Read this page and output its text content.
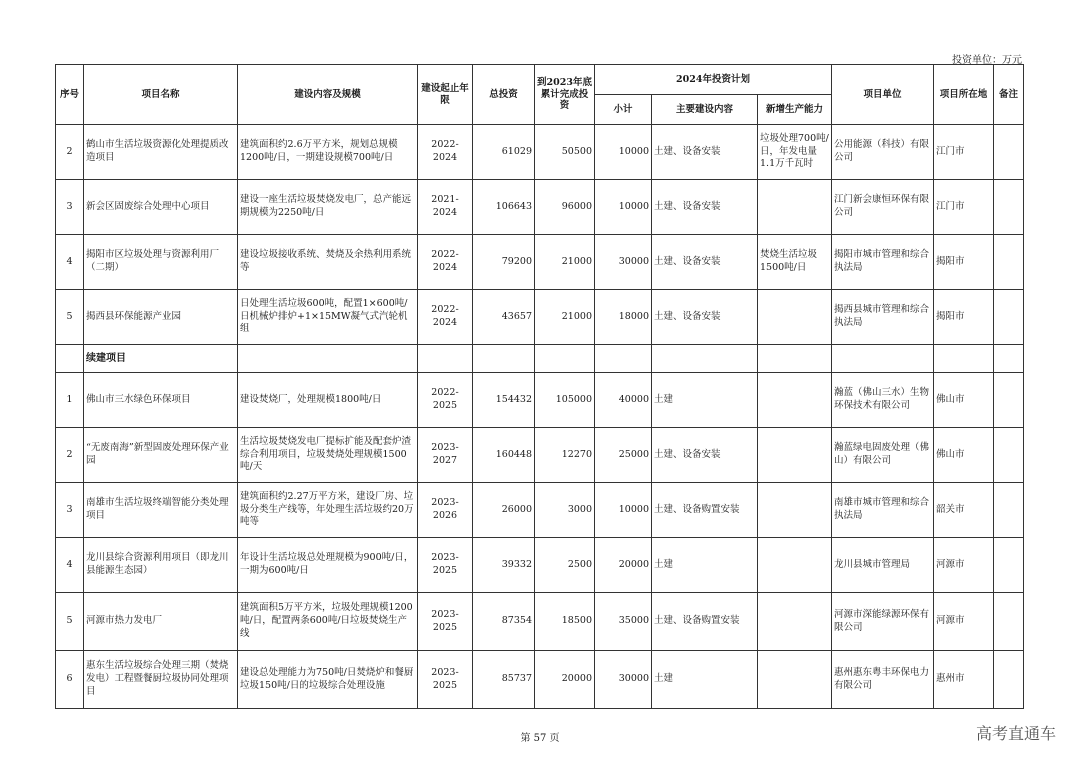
投资单位：万元
序号	项目名称	建设内容及规模	建设起止年限	总投资	到2023年底累计完成投资	2024年投资计划			项目单位	项目所在地	备注
						小计	主要建设内容	新增生产能力			
2	鹤山市生活垃圾资源化处理提质改造项目	建筑面积约2.6万平方米，规划总规模1200吨/日，一期建设规模700吨/日	2022-2024	61029	50500	10000	土建、设备安装	垃圾处理700吨/日，年发电量1.1万千瓦时	公用能源（科技）有限公司	江门市	
3	新会区固废综合处理中心项目	建设一座生活垃圾焚烧发电厂，总产能远期规模为2250吨/日	2021-2024	106643	96000	10000	土建、设备安装		江门新会康恒环保有限公司	江门市	
4	揭阳市区垃圾处理与资源利用厂（二期）	建设垃圾接收系统、焚烧及余热利用系统等	2022-2024	79200	21000	30000	土建、设备安装	焚烧生活垃圾1500吨/日	揭阳市城市管理和综合执法局	揭阳市	
5	揭西县环保能源产业园	日处理生活垃圾600吨，配置1×600吨/日机械炉排炉+1×15MW凝气式汽轮机组	2022-2024	43657	21000	18000	土建、设备安装		揭西县城市管理和综合执法局	揭阳市	
	续建项目										
1	佛山市三水绿色环保项目	建设焚烧厂，处理规模1800吨/日	2022-2025	154432	105000	40000	土建		瀚蓝（佛山三水）生物环保技术有限公司	佛山市	
2	“无废南海”新型固废处理环保产业园	生活垃圾焚烧发电厂提标扩能及配套炉渣综合利用项目，垃圾焚烧处理规模1500吨/天	2023-2027	160448	12270	25000	土建、设备安装		瀚蓝绿电固废处理（佛山）有限公司	佛山市	
3	南雄市生活垃圾终端智能分类处理项目	建筑面积约2.27万平方米，建设厂房、垃圾分类生产线等，年处理生活垃圾约20万吨等	2023-2026	26000	3000	10000	土建、设备购置安装		南雄市城市管理和综合执法局	韶关市	
4	龙川县综合资源利用项目（即龙川县能源生态园）	年设计生活垃圾总处理规模为900吨/日，一期为600吨/日	2023-2025	39332	2500	20000	土建		龙川县城市管理局	河源市	
5	河源市热力发电厂	建筑面积5万平方米，垃圾处理规模1200吨/日，配置两条600吨/日垃圾焚烧生产线	2023-2025	87354	18500	35000	土建、设备购置安装		河源市深能绿源环保有限公司	河源市	
6	惠东生活垃圾综合处理三期（焚烧发电）工程暨餐厨垃圾协同处理项目	建设总处理能力为750吨/日焚烧炉和餐厨垃圾150吨/日的垃圾综合处理设施	2023-2025	85737	20000	30000	土建		惠州惠东粤丰环保电力有限公司	惠州市	
第 57 页	高考直通车
